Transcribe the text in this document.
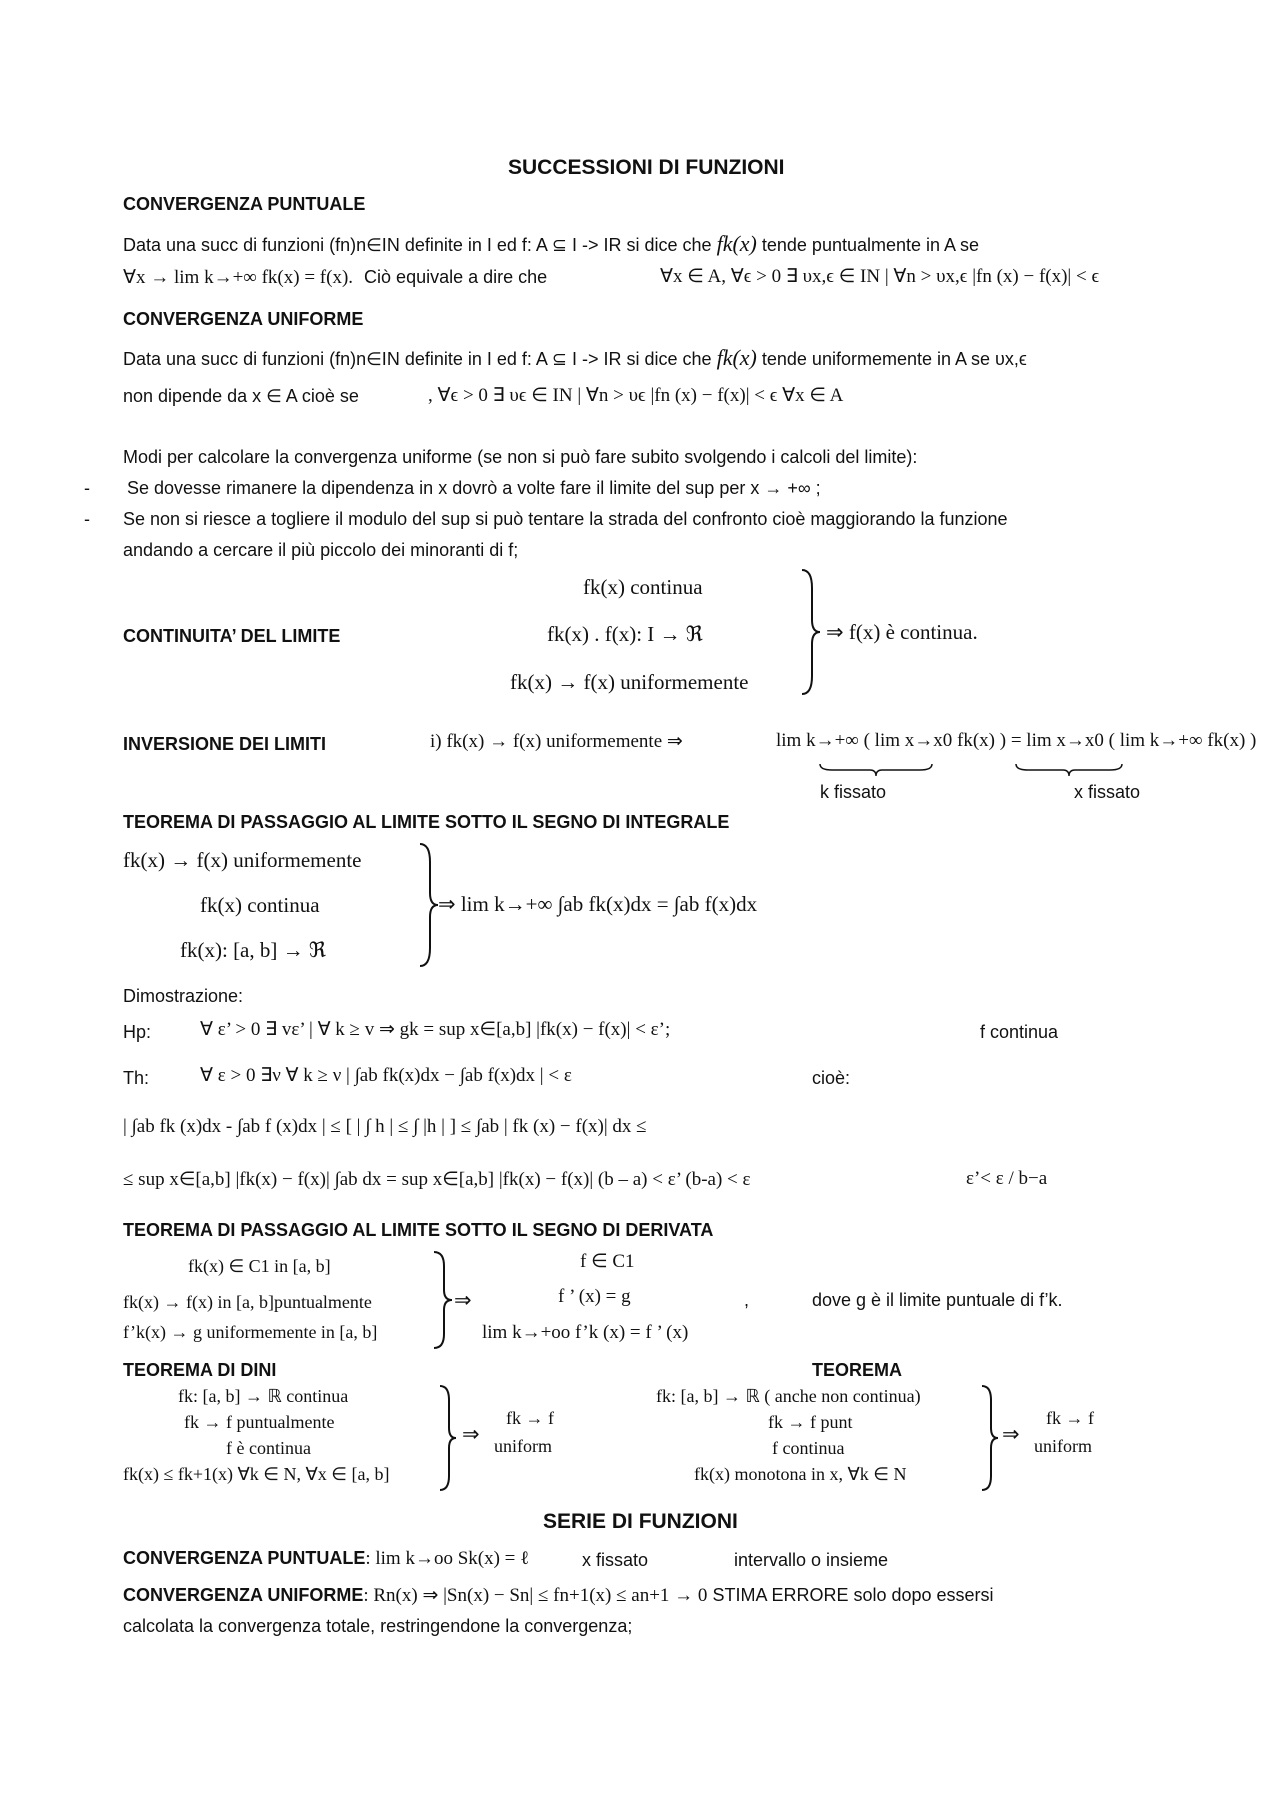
SUCCESSIONI DI FUNZIONI
CONVERGENZA PUNTUALE
Data una succ di funzioni (fn)n∈IN definite in I ed f: A ⊆ I -> IR si dice che fk(x) tende puntualmente in A se
∀x → lim k→+∞ fk(x) = f(x). Ciò equivale a dire che	∀x ∈ A, ∀ϵ > 0 ∃ υx,ϵ ∈ IN | ∀n > υx,ϵ |fn (x) − f(x)| < ϵ
CONVERGENZA UNIFORME
Data una succ di funzioni (fn)n∈IN definite in I ed f: A ⊆ I -> IR si dice che fk(x) tende uniformemente in A se υx,ϵ
non dipende da x ∈ A cioè se	, ∀ϵ > 0 ∃ υϵ ∈ IN | ∀n > υϵ |fn (x) − f(x)| < ϵ ∀x ∈ A
Modi per calcolare la convergenza uniforme (se non si può fare subito svolgendo i calcoli del limite):
- Se dovesse rimanere la dipendenza in x dovrò a volte fare il limite del sup per x → +∞ ;
- Se non si riesce a togliere il modulo del sup si può tentare la strada del confronto cioè maggiorando la funzione
andando a cercare il più piccolo dei minoranti di f;
CONTINUITA’ DEL LIMITE
fk(x) continua
fk(x) . f(x): I → ℜ
fk(x) → f(x) uniformemente
⇒ f(x) è continua.
INVERSIONE DEI LIMITI	i) fk(x) → f(x) uniformemente ⇒	lim k→+∞ ( lim x→x0 fk(x) ) = lim x→x0 ( lim k→+∞ fk(x) )
k fissato	x fissato
TEOREMA DI PASSAGGIO AL LIMITE SOTTO IL SEGNO DI INTEGRALE
fk(x) → f(x) uniformemente
fk(x) continua
fk(x): [a, b] → ℜ
⇒ lim k→+∞ ∫ab fk(x)dx = ∫ab f(x)dx
Dimostrazione:
Hp:	∀ ε’ > 0 ∃ vε’ | ∀ k ≥ v ⇒ gk = sup x∈[a,b] |fk(x) − f(x)| < ε’;	f continua
Th:	∀ ε > 0 ∃ν ∀ k ≥ ν | ∫ab fk(x)dx − ∫ab f(x)dx | < ε	cioè:
| ∫ab fk (x)dx - ∫ab f (x)dx | ≤ [ | ∫ h | ≤ ∫ |h | ] ≤ ∫ab | fk (x) − f(x)| dx ≤
≤ sup x∈[a,b] |fk(x) − f(x)| ∫ab dx = sup x∈[a,b] |fk(x) − f(x)| (b – a) < ε’ (b-a) < ε	ε’< ε / b−a
TEOREMA DI PASSAGGIO AL LIMITE SOTTO IL SEGNO DI DERIVATA
fk(x) ∈ C1 in [a, b]
fk(x) → f(x) in [a, b]puntualmente
f’k(x) → g uniformemente in [a, b]
⇒
f ∈ C1
f ’ (x) = g
lim k→+oo f’k (x) = f ’ (x)
,	dove g è il limite puntuale di f’k.
TEOREMA DI DINI
fk: [a, b] → ℝ continua
fk → f puntualmente
f è continua
fk(x) ≤ fk+1(x) ∀k ∈ N, ∀x ∈ [a, b]
⇒
fk → f
uniform
TEOREMA
fk: [a, b] → ℝ ( anche non continua)
fk → f punt
f continua
fk(x) monotona in x, ∀k ∈ N
⇒
fk → f
uniform
SERIE DI FUNZIONI
CONVERGENZA PUNTUALE: lim k→oo Sk(x) = ℓ	x fissato	intervallo o insieme
CONVERGENZA UNIFORME: Rn(x) ⇒ |Sn(x) − Sn| ≤ fn+1(x) ≤ an+1 → 0 STIMA ERRORE solo dopo essersi
calcolata la convergenza totale, restringendone la convergenza;
